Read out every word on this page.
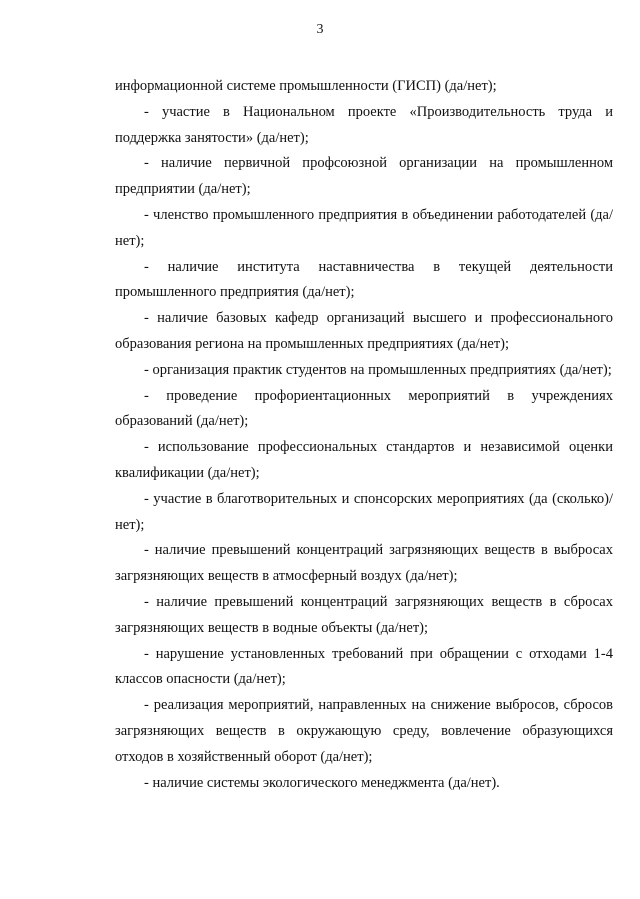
3

информационной системе промышленности (ГИСП) (да/нет);

- участие в Национальном проекте «Производительность труда и поддержка занятости» (да/нет);

- наличие первичной профсоюзной организации на промышленном предприятии (да/нет);

- членство промышленного предприятия в объединении работодателей (да/нет);

- наличие института наставничества в текущей деятельности промышленного предприятия (да/нет);

- наличие базовых кафедр организаций высшего и профессионального образования региона на промышленных предприятиях (да/нет);

- организация практик студентов на промышленных предприятиях (да/нет);

- проведение профориентационных мероприятий в учреждениях образований (да/нет);

- использование профессиональных стандартов и независимой оценки квалификации (да/нет);

- участие в благотворительных и спонсорских мероприятиях (да (сколько)/нет);

- наличие превышений концентраций загрязняющих веществ в выбросах загрязняющих веществ в атмосферный воздух (да/нет);

- наличие превышений концентраций загрязняющих веществ в сбросах загрязняющих веществ в водные объекты (да/нет);

- нарушение установленных требований при обращении с отходами 1-4 классов опасности (да/нет);

- реализация мероприятий, направленных на снижение выбросов, сбросов загрязняющих веществ в окружающую среду, вовлечение образующихся отходов в хозяйственный оборот (да/нет);

- наличие системы экологического менеджмента (да/нет).
